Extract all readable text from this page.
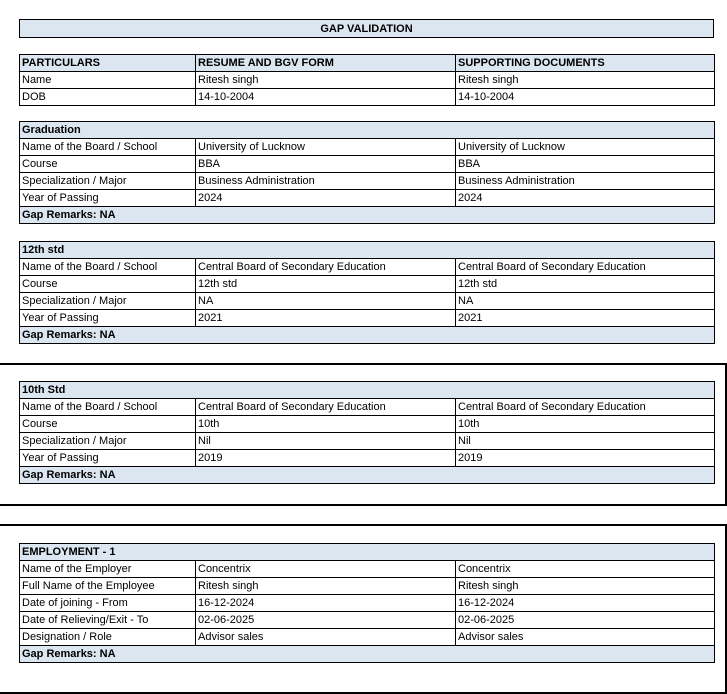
GAP VALIDATION
PARTICULARS	RESUME AND BGV FORM	SUPPORTING DOCUMENTS
Name	Ritesh singh	Ritesh singh
DOB	14-10-2004	14-10-2004
Graduation		
Name of the Board / School	University of Lucknow	University of Lucknow
Course	BBA	BBA
Specialization / Major	Business Administration	Business Administration
Year of Passing	2024	2024
Gap Remarks: NA		
12th std		
Name of the Board / School	Central Board of Secondary Education	Central Board of Secondary Education
Course	12th std	12th std
Specialization / Major	NA	NA
Year of Passing	2021	2021
Gap Remarks: NA		
10th Std		
Name of the Board / School	Central Board of Secondary Education	Central Board of Secondary Education
Course	10th	10th
Specialization / Major	Nil	Nil
Year of Passing	2019	2019
Gap Remarks: NA		
EMPLOYMENT - 1		
Name of the Employer	Concentrix	Concentrix
Full Name of the Employee	Ritesh singh	Ritesh singh
Date of joining - From	16-12-2024	16-12-2024
Date of Relieving/Exit - To	02-06-2025	02-06-2025
Designation / Role	Advisor sales	Advisor sales
Gap Remarks: NA		
